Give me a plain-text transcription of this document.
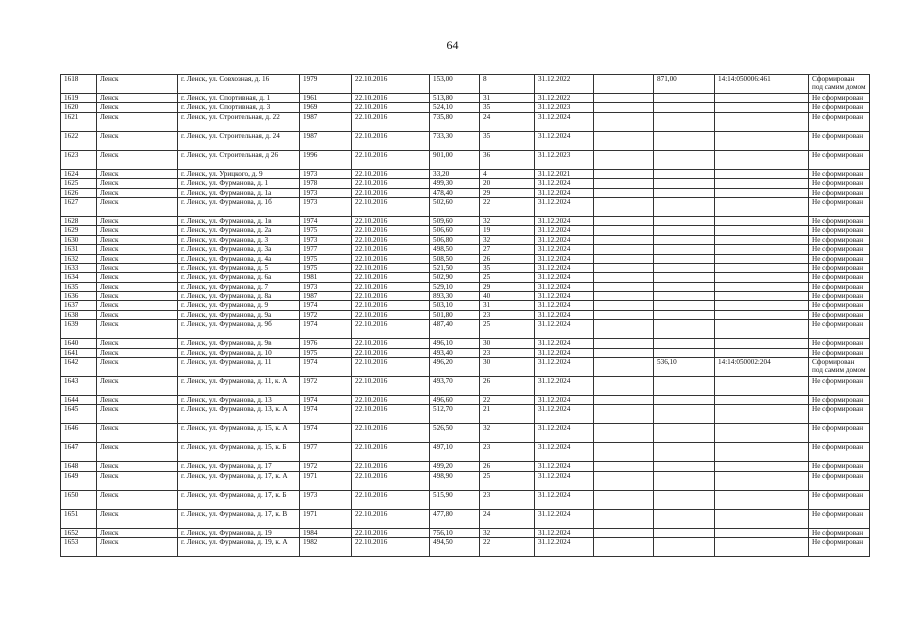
64
1618	Ленск	г. Ленск, ул. Совхозная, д. 16	1979	22.10.2016	153,00	8	31.12.2022		871,00	14:14:050006:461	Сформирован под самим домом
1619	Ленск	г. Ленск, ул. Спортивная, д. 1	1961	22.10.2016	513,80	31	31.12.2022				Не сформирован
1620	Ленск	г. Ленск, ул. Спортивная, д. 3	1969	22.10.2016	524,10	35	31.12.2023				Не сформирован
1621	Ленск	г. Ленск, ул. Строительная, д. 22	1987	22.10.2016	735,80	24	31.12.2024				Не сформирован
1622	Ленск	г. Ленск, ул. Строительная, д. 24	1987	22.10.2016	733,30	35	31.12.2024				Не сформирован
1623	Ленск	г. Ленск, ул. Строительная, д 26	1996	22.10.2016	901,00	36	31.12.2023				Не сформирован
1624	Ленск	г. Ленск, ул. Урицкого, д. 9	1973	22.10.2016	33,20	4	31.12.2021				Не сформирован
1625	Ленск	г. Ленск, ул. Фурманова, д. 1	1978	22.10.2016	499,30	20	31.12.2024				Не сформирован
1626	Ленск	г. Ленск, ул. Фурманова, д. 1а	1973	22.10.2016	478,40	29	31.12.2024				Не сформирован
1627	Ленск	г. Ленск, ул. Фурманова, д. 1б	1973	22.10.2016	502,60	22	31.12.2024				Не сформирован
1628	Ленск	г. Ленск, ул. Фурманова, д. 1в	1974	22.10.2016	509,60	32	31.12.2024				Не сформирован
1629	Ленск	г. Ленск, ул. Фурманова, д. 2а	1975	22.10.2016	506,60	19	31.12.2024				Не сформирован
1630	Ленск	г. Ленск, ул. Фурманова, д. 3	1973	22.10.2016	506,80	32	31.12.2024				Не сформирован
1631	Ленск	г. Ленск, ул. Фурманова, д. 3а	1977	22.10.2016	498,50	27	31.12.2024				Не сформирован
1632	Ленск	г. Ленск, ул. Фурманова, д. 4а	1975	22.10.2016	508,50	26	31.12.2024				Не сформирован
1633	Ленск	г. Ленск, ул. Фурманова, д. 5	1975	22.10.2016	521,50	35	31.12.2024				Не сформирован
1634	Ленск	г. Ленск, ул. Фурманова, д. 6а	1981	22.10.2016	502,90	25	31.12.2024				Не сформирован
1635	Ленск	г. Ленск, ул. Фурманова, д. 7	1973	22.10.2016	529,10	29	31.12.2024				Не сформирован
1636	Ленск	г. Ленск, ул. Фурманова, д. 8а	1987	22.10.2016	893,30	40	31.12.2024				Не сформирован
1637	Ленск	г. Ленск, ул. Фурманова, д. 9	1974	22.10.2016	503,10	31	31.12.2024				Не сформирован
1638	Ленск	г. Ленск, ул. Фурманова, д. 9а	1972	22.10.2016	501,80	23	31.12.2024				Не сформирован
1639	Ленск	г. Ленск, ул. Фурманова, д. 9б	1974	22.10.2016	487,40	25	31.12.2024				Не сформирован
1640	Ленск	г. Ленск, ул. Фурманова, д. 9в	1976	22.10.2016	496,10	30	31.12.2024				Не сформирован
1641	Ленск	г. Ленск, ул. Фурманова, д. 10	1975	22.10.2016	493,40	23	31.12.2024				Не сформирован
1642	Ленск	г. Ленск, ул. Фурманова, д. 11	1974	22.10.2016	496,20	30	31.12.2024		536,10	14:14:050002:204	Сформирован под самим домом
1643	Ленск	г. Ленск, ул. Фурманова, д. 11, к. А	1972	22.10.2016	493,70	26	31.12.2024				Не сформирован
1644	Ленск	г. Ленск, ул. Фурманова, д. 13	1974	22.10.2016	496,60	22	31.12.2024				Не сформирован
1645	Ленск	г. Ленск, ул. Фурманова, д. 13, к. А	1974	22.10.2016	512,70	21	31.12.2024				Не сформирован
1646	Ленск	г. Ленск, ул. Фурманова, д. 15, к. А	1974	22.10.2016	526,50	32	31.12.2024				Не сформирован
1647	Ленск	г. Ленск, ул. Фурманова, д. 15, к. Б	1977	22.10.2016	497,10	23	31.12.2024				Не сформирован
1648	Ленск	г. Ленск, ул. Фурманова, д. 17	1972	22.10.2016	499,20	26	31.12.2024				Не сформирован
1649	Ленск	г. Ленск, ул. Фурманова, д. 17, к. А	1971	22.10.2016	498,90	25	31.12.2024				Не сформирован
1650	Ленск	г. Ленск, ул. Фурманова, д. 17, к. Б	1973	22.10.2016	515,90	23	31.12.2024				Не сформирован
1651	Ленск	г. Ленск, ул. Фурманова, д. 17, к. В	1971	22.10.2016	477,80	24	31.12.2024				Не сформирован
1652	Ленск	г. Ленск, ул. Фурманова, д. 19	1984	22.10.2016	756,10	32	31.12.2024				Не сформирован
1653	Ленск	г. Ленск, ул. Фурманова, д. 19, к. А	1982	22.10.2016	494,50	22	31.12.2024				Не сформирован
